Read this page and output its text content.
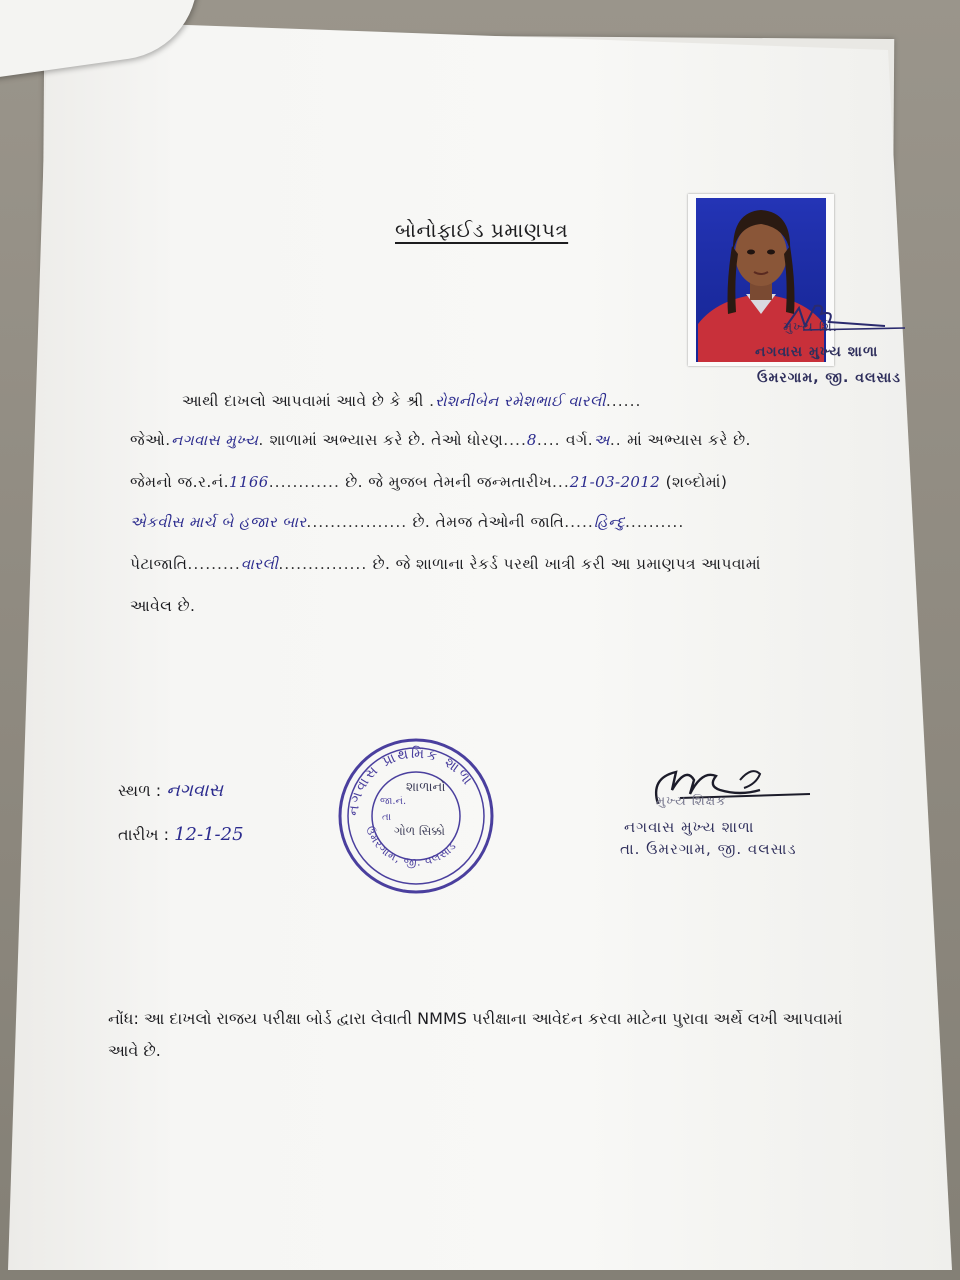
બોનોફાઈડ પ્રમાણપત્ર
મુખ્ય શિ.
નગવાસ મુખ્ય શાળા
ઉમરગામ, જી. વલસાડ
આથી દાખલો આપવામાં આવે છે કે શ્રી .રોશનીબેન રમેશભાઈ વારલી......
જેઓ.નગવાસ મુખ્ય. શાળામાં અભ્યાસ કરે છે. તેઓ ધોરણ....8.... વર્ગ.અ.. માં અભ્યાસ કરે છે.
જેમનો જ.ર.નં.1166............ છે. જે મુજબ તેમની જન્મતારીખ...21-03-2012 (શબ્દોમાં)
એકવીસ માર્ચ બે હજાર બાર................. છે. તેમજ તેઓની જાતિ.....હિન્દુ..........
પેટાજાતિ.........વારલી............... છે. જે શાળાના રેકર્ડ પરથી ખાત્રી કરી આ પ્રમાણપત્ર આપવામાં
આવેલ છે.
સ્થળ : નગવાસ
તારીખ : 12-1-25
નગવાસ પ્રાથમિક શાળા
ઉમરગામ, જી. વલસાડ
શાળાનો
જા.નં.
તા
ગોળ સિક્કો
મુખ્ય શિક્ષક
નગવાસ મુખ્ય શાળા
તા. ઉમરગામ, જી. વલસાડ
નોંધ: આ દાખલો રાજય પરીક્ષા બોર્ડ દ્વારા લેવાતી NMMS પરીક્ષાના આવેદન કરવા માટેના પુરાવા અર્થે લખી આપવામાં આવે છે.
